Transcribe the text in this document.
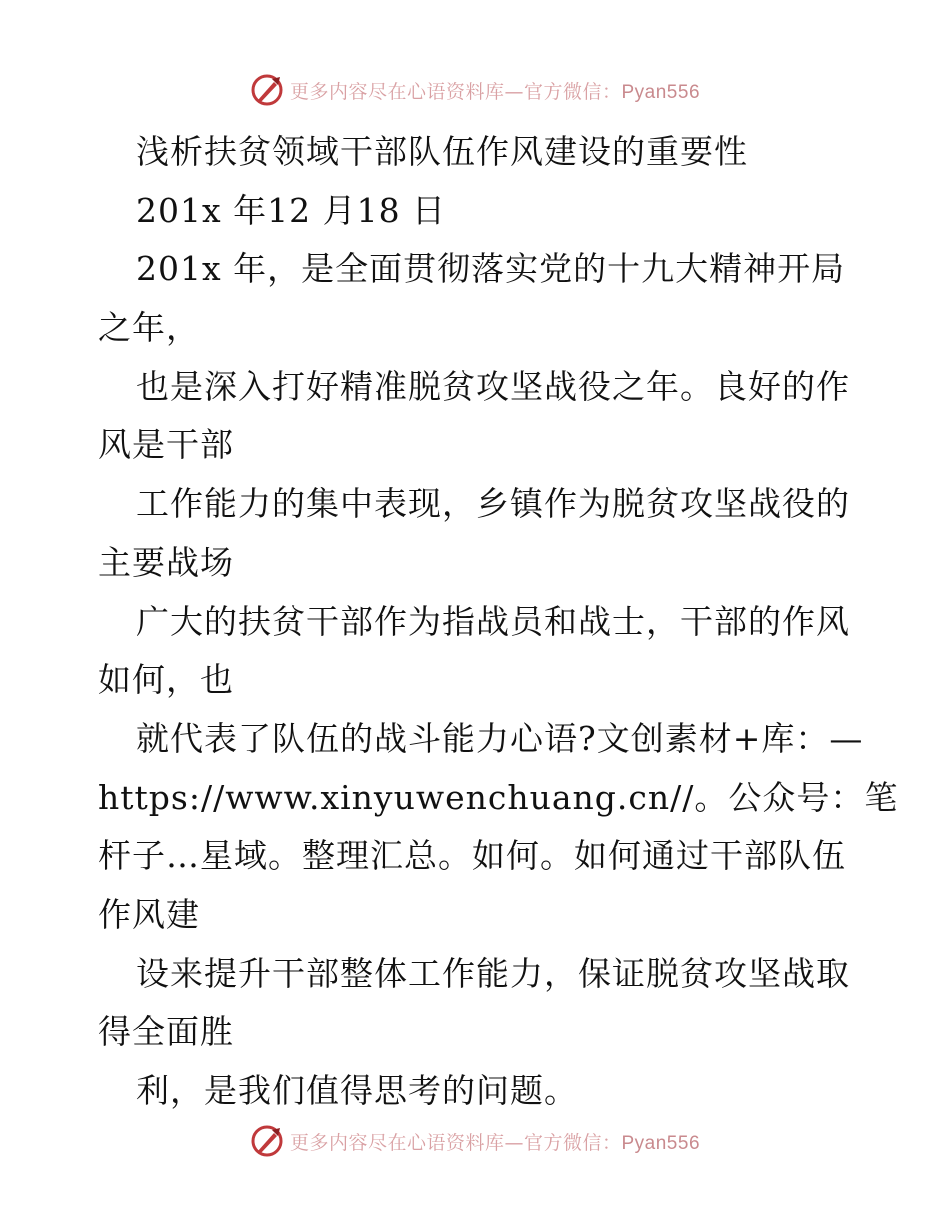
更多内容尽在心语资料库—官方微信：Pyan556
浅析扶贫领域干部队伍作风建设的重要性
201x 年12 月18 日
201x 年，是全面贯彻落实党的十九大精神开局
之年，
也是深入打好精准脱贫攻坚战役之年。良好的作
风是干部
工作能力的集中表现，乡镇作为脱贫攻坚战役的
主要战场
广大的扶贫干部作为指战员和战士，干部的作风
如何，也
就代表了队伍的战斗能力心语?文创素材+库：—
https://www.xinyuwenchuang.cn//。公众号：笔
杆子…星域。整理汇总。如何。如何通过干部队伍
作风建
设来提升干部整体工作能力，保证脱贫攻坚战取
得全面胜
利，是我们值得思考的问题。
更多内容尽在心语资料库—官方微信：Pyan556
